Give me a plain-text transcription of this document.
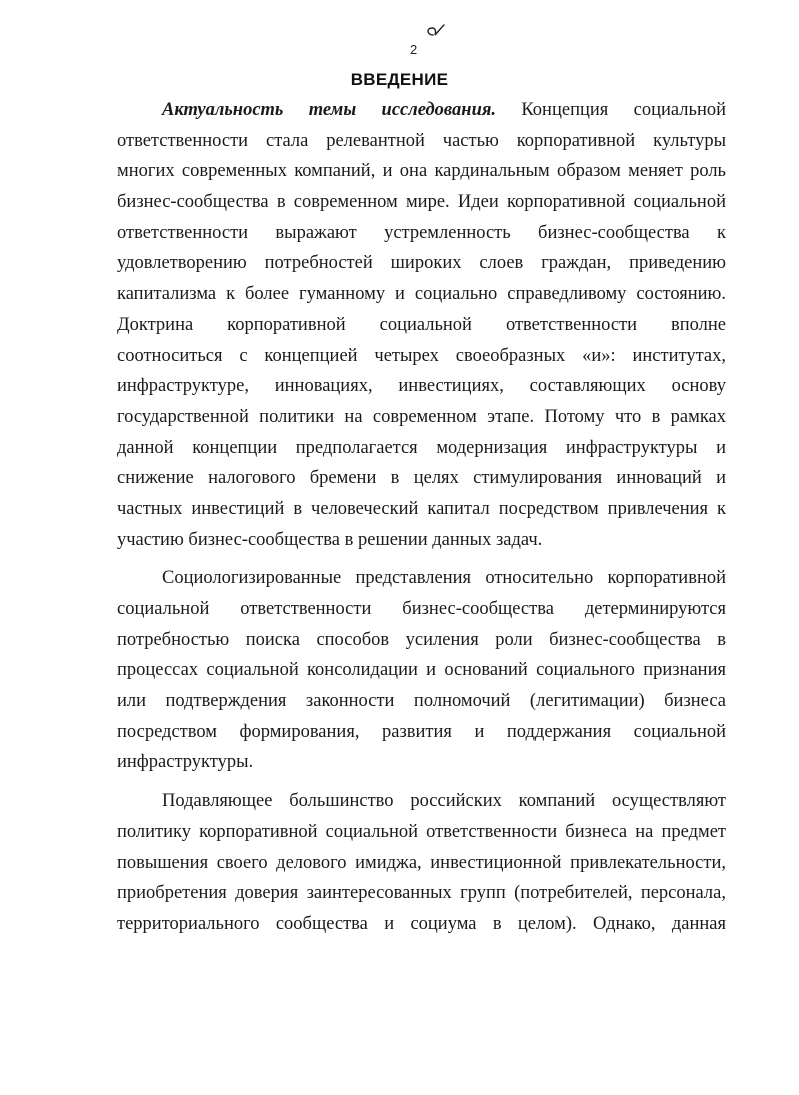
2
ВВЕДЕНИЕ
Актуальность темы исследования. Концепция социальной
ответственности стала релевантной частью корпоративной культуры
многих современных компаний, и она кардинальным образом меняет роль
бизнес-сообщества в современном мире. Идеи корпоративной социальной
ответственности выражают устремленность бизнес-сообщества к
удовлетворению потребностей широких слоев граждан, приведению
капитализма к более гуманному и социально справедливому состоянию.
Доктрина корпоративной социальной ответственности вполне
соотноситься с концепцией четырех своеобразных «и»: институтах,
инфраструктуре, инновациях, инвестициях, составляющих основу
государственной политики на современном этапе. Потому что в рамках
данной концепции предполагается модернизация инфраструктуры и
снижение налогового бремени в целях стимулирования инноваций и
частных инвестиций в человеческий капитал посредством привлечения к
участию бизнес-сообщества в решении данных задач.
Социологизированные представления относительно корпоративной
социальной ответственности бизнес-сообщества детерминируются
потребностью поиска способов усиления роли бизнес-сообщества в
процессах социальной консолидации и оснований социального признания
или подтверждения законности полномочий (легитимации) бизнеса
посредством формирования, развития и поддержания социальной
инфраструктуры.
Подавляющее большинство российских компаний осуществляют
политику корпоративной социальной ответственности бизнеса на предмет
повышения своего делового имиджа, инвестиционной привлекательности,
приобретения доверия заинтересованных групп (потребителей, персонала,
территориального сообщества и социума в целом). Однако, данная
